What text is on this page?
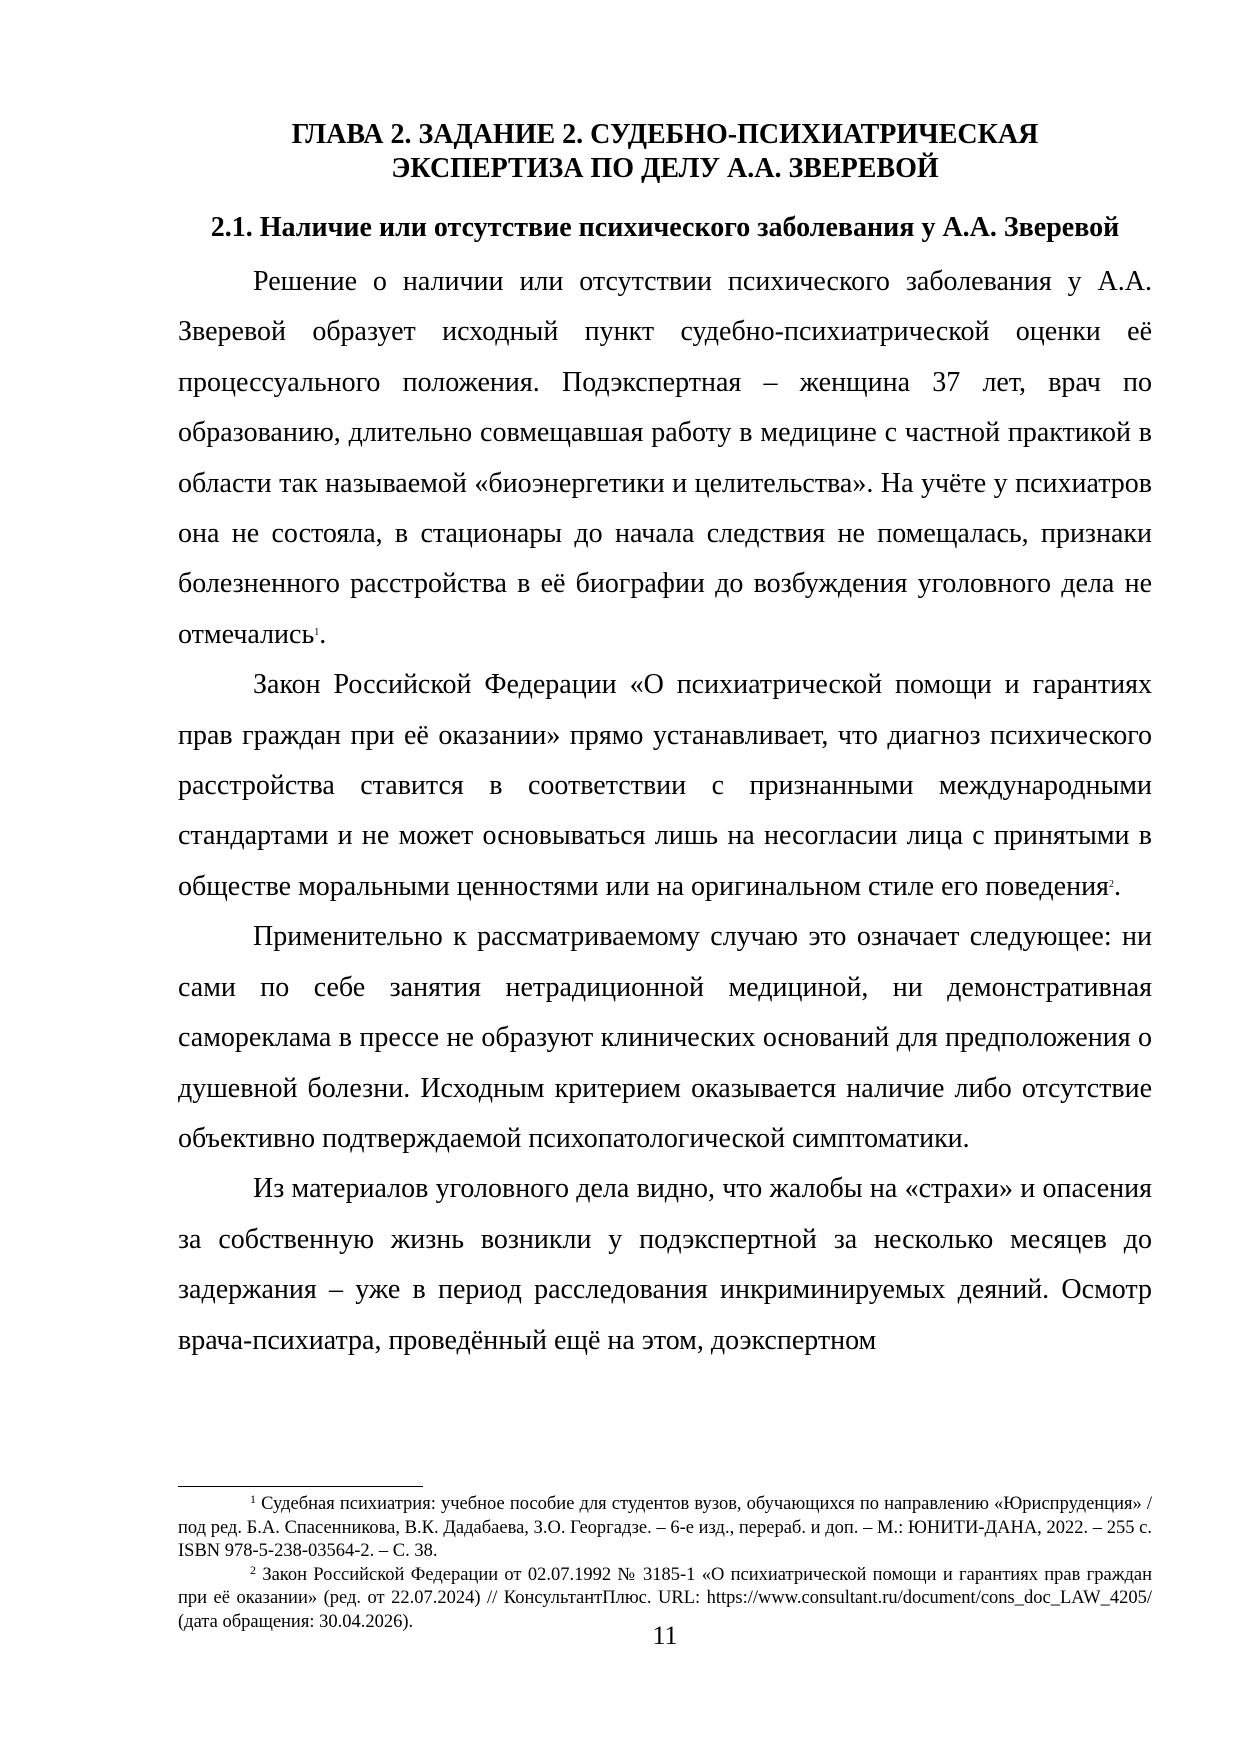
ГЛАВА 2. ЗАДАНИЕ 2. СУДЕБНО-ПСИХИАТРИЧЕСКАЯ
ЭКСПЕРТИЗА ПО ДЕЛУ А.А. ЗВЕРЕВОЙ
2.1. Наличие или отсутствие психического заболевания у А.А. Зверевой

Решение о наличии или отсутствии психического заболевания у А.А. Зверевой образует исходный пункт судебно-психиатрической оценки её процессуального положения. Подэкспертная – женщина 37 лет, врач по образованию, длительно совмещавшая работу в медицине с частной практикой в области так называемой «биоэнергетики и целительства». На учёте у психиатров она не состояла, в стационары до начала следствия не помещалась, признаки болезненного расстройства в её биографии до возбуждения уголовного дела не отмечались$^1$.

Закон Российской Федерации «О психиатрической помощи и гарантиях прав граждан при её оказании» прямо устанавливает, что диагноз психического расстройства ставится в соответствии с признанными международными стандартами и не может основываться лишь на несогласии лица с принятыми в обществе моральными ценностями или на оригинальном стиле его поведения$^2$.

Применительно к рассматриваемому случаю это означает следующее: ни сами по себе занятия нетрадиционной медициной, ни демонстративная самореклама в прессе не образуют клинических оснований для предположения о душевной болезни. Исходным критерием оказывается наличие либо отсутствие объективно подтверждаемой психопатологической симптоматики.

Из материалов уголовного дела видно, что жалобы на «страхи» и опасения за собственную жизнь возникли у подэкспертной за несколько месяцев до задержания – уже в период расследования инкриминируемых деяний. Осмотр врача-психиатра, проведённый ещё на этом, доэкспертном

$^1$ Судебная психиатрия: учебное пособие для студентов вузов, обучающихся по направлению «Юриспруденция» / под ред. Б.А. Спасенникова, В.К. Дадабаева, З.О. Георгадзе. – 6-е изд., перераб. и доп. – М.: ЮНИТИ-ДАНА, 2022. – 255 с. ISBN 978-5-238-03564-2. – С. 38.

$^2$ Закон Российской Федерации от 02.07.1992 № 3185-1 «О психиатрической помощи и гарантиях прав граждан при её оказании» (ред. от 22.07.2024) // КонсультантПлюс. URL: https://www.consultant.ru/document/cons_doc_LAW_4205/ (дата обращения: 30.04.2026).	11
